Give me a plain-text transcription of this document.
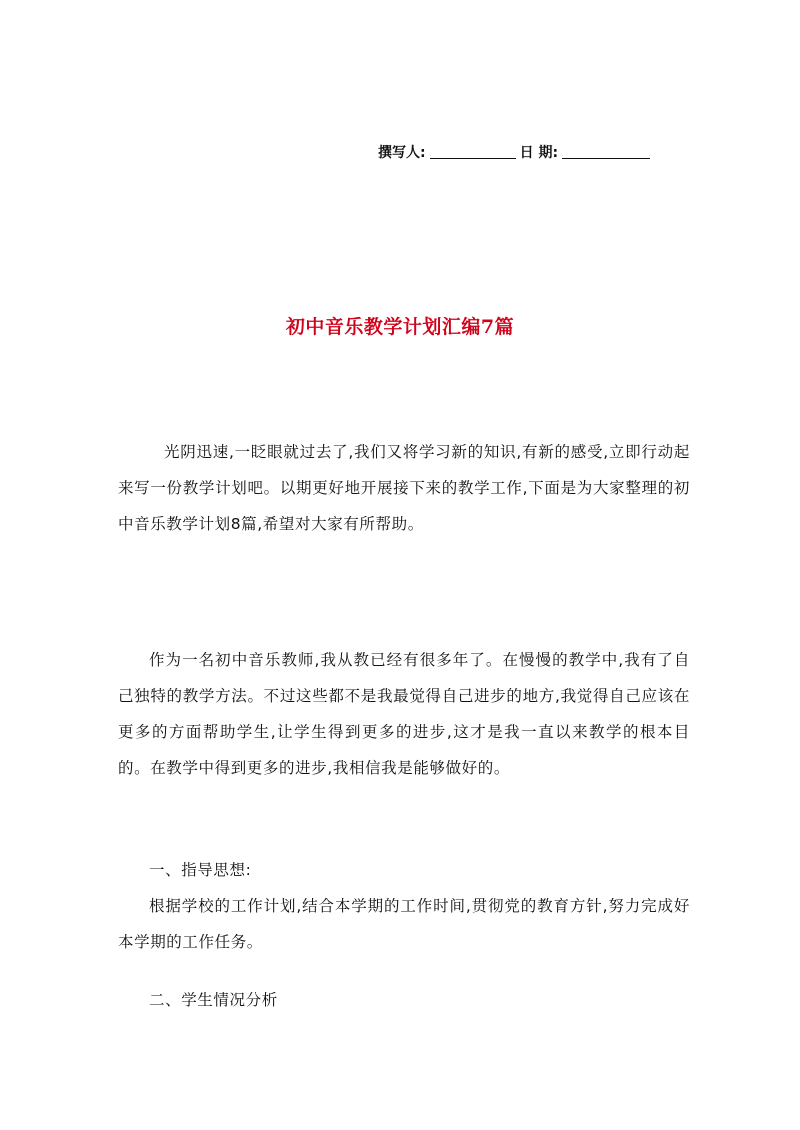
撰写人:	日 期:
初中音乐教学计划汇编7篇
光阴迅速,一眨眼就过去了,我们又将学习新的知识,有新的感受,立即行动起来写一份教学计划吧。以期更好地开展接下来的教学工作,下面是为大家整理的初中音乐教学计划8篇,希望对大家有所帮助。
作为一名初中音乐教师,我从教已经有很多年了。在慢慢的教学中,我有了自己独特的教学方法。不过这些都不是我最觉得自己进步的地方,我觉得自己应该在更多的方面帮助学生,让学生得到更多的进步,这才是我一直以来教学的根本目的。在教学中得到更多的进步,我相信我是能够做好的。
一、指导思想:
根据学校的工作计划,结合本学期的工作时间,贯彻党的教育方针,努力完成好本学期的工作任务。
二、学生情况分析
